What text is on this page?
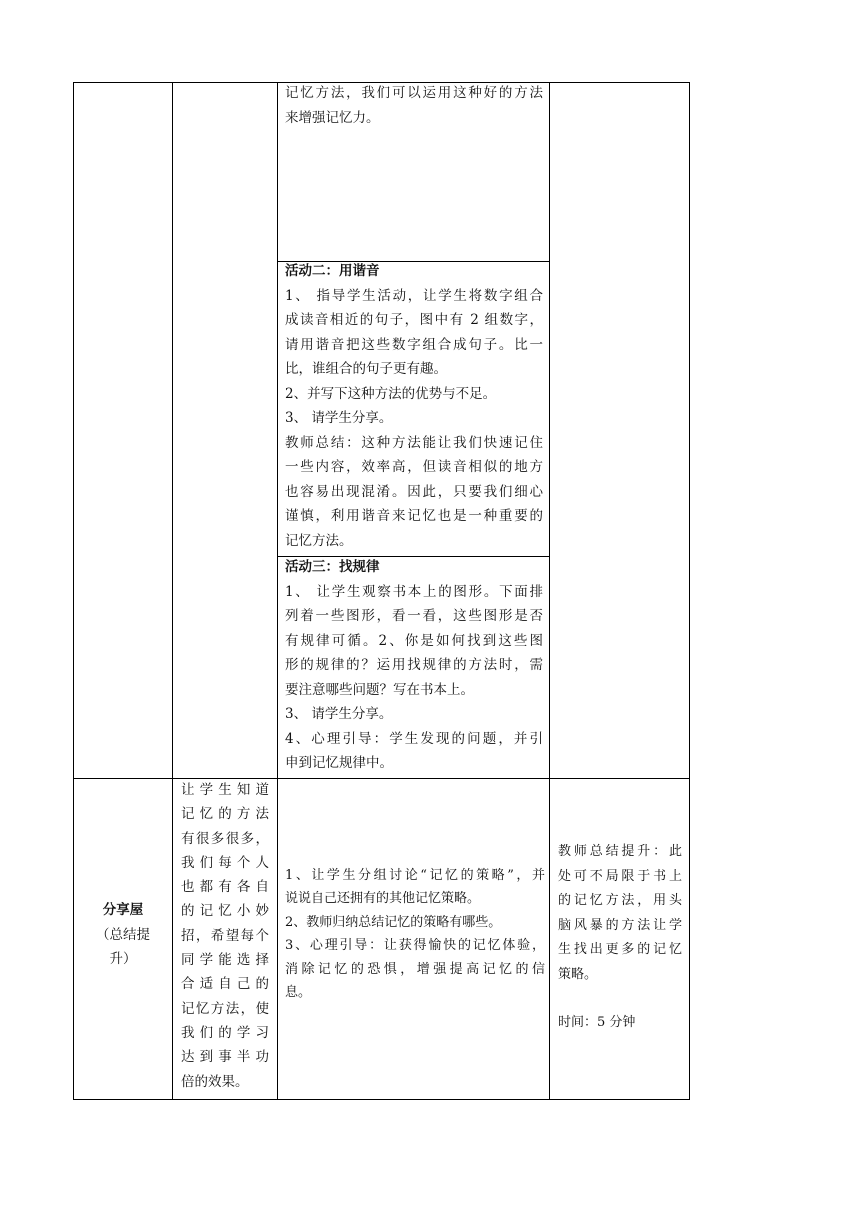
记忆方法，我们可以运用这种好的方法

来增强记忆力。

活动二：用谐音

1、 指导学生活动，让学生将数字组合

成读音相近的句子，图中有 2 组数字，

请用谐音把这些数字组合成句子。比一

比，谁组合的句子更有趣。

2、并写下这种方法的优势与不足。

3、 请学生分享。

教师总结：这种方法能让我们快速记住

一些内容，效率高，但读音相似的地方

也容易出现混淆。因此，只要我们细心

谨慎，利用谐音来记忆也是一种重要的

记忆方法。

活动三：找规律

1、 让学生观察书本上的图形。下面排

列着一些图形，看一看，这些图形是否

有规律可循。2、你是如何找到这些图

形的规律的？运用找规律的方法时，需

要注意哪些问题？写在书本上。

3、 请学生分享。

4、心理引导：学生发现的问题，并引

申到记忆规律中。

分享屋

（总结提

升）

让学生知道

记忆的方法

有很多很多，

我们每个人

也都有各自

的记忆小妙

招，希望每个

同学能选择

合适自己的

记忆方法，使

我们的学习

达到事半功

倍的效果。

1、让学生分组讨论“记忆的策略”，并

说说自己还拥有的其他记忆策略。

2、教师归纳总结记忆的策略有哪些。

3、心理引导：让获得愉快的记忆体验，

消除记忆的恐惧，增强提高记忆的信

息。

教师总结提升：此

处可不局限于书上

的记忆方法，用头

脑风暴的方法让学

生找出更多的记忆

策略。

时间：5 分钟
